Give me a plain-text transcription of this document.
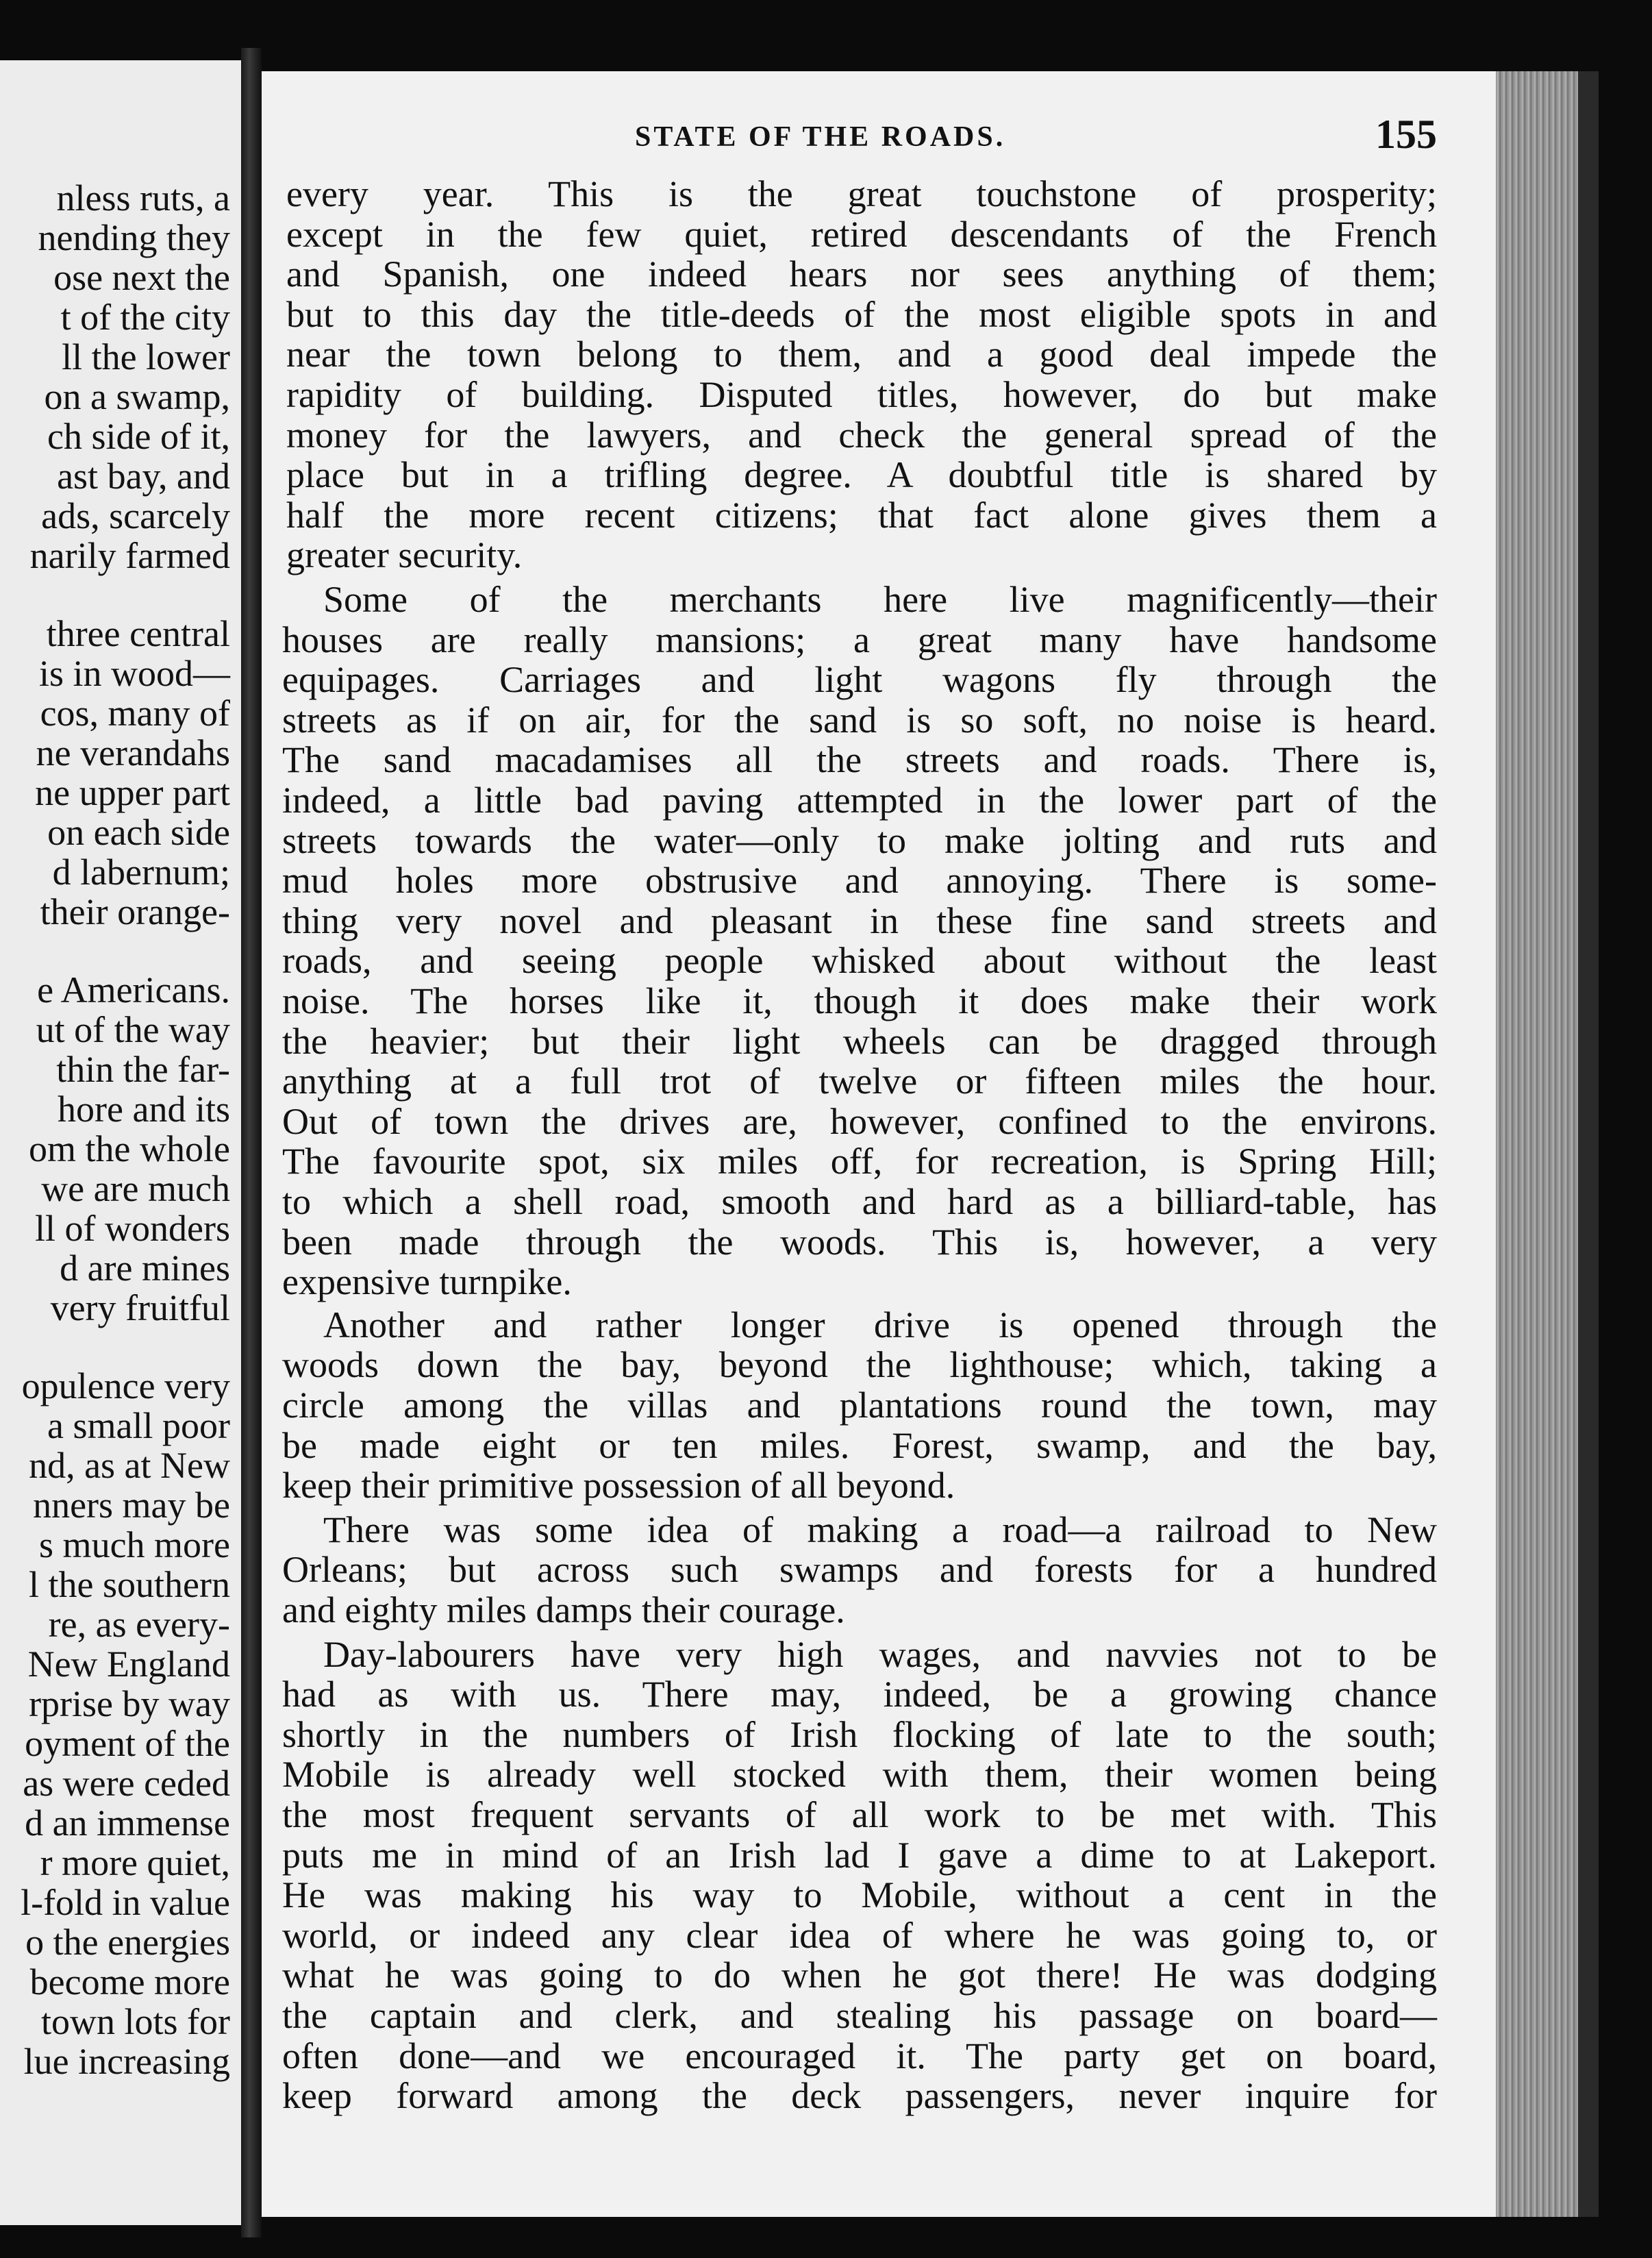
nless ruts, a
nending they
ose next the
t of the city
ll the lower
on a swamp,
ch side of it,
ast bay, and
ads, scarcely
narily farmed
three central
is in wood—
cos, many of
ne verandahs
ne upper part
on each side
d labernum;
their orange-
e Americans.
ut of the way
thin the far-
hore and its
om the whole
we are much
ll of wonders
d are mines
very fruitful
opulence very
a small poor
nd, as at New
nners may be
s much more
l the southern
re, as every-
New England
rprise by way
oyment of the
as were ceded
d an immense
r more quiet,
l-fold in value
o the energies
become more
town lots for
lue increasing
STATE OF THE ROADS.	155
every year. This is the great touchstone of prosperity;
except in the few quiet, retired descendants of the French
and Spanish, one indeed hears nor sees anything of them;
but to this day the title-deeds of the most eligible spots in and
near the town belong to them, and a good deal impede the
rapidity of building. Disputed titles, however, do but make
money for the lawyers, and check the general spread of the
place but in a trifling degree. A doubtful title is shared by
half the more recent citizens; that fact alone gives them a
greater security.
Some of the merchants here live magnificently—their
houses are really mansions; a great many have handsome
equipages. Carriages and light wagons fly through the
streets as if on air, for the sand is so soft, no noise is heard.
The sand macadamises all the streets and roads. There is,
indeed, a little bad paving attempted in the lower part of the
streets towards the water—only to make jolting and ruts and
mud holes more obstrusive and annoying. There is some-
thing very novel and pleasant in these fine sand streets and
roads, and seeing people whisked about without the least
noise. The horses like it, though it does make their work
the heavier; but their light wheels can be dragged through
anything at a full trot of twelve or fifteen miles the hour.
Out of town the drives are, however, confined to the environs.
The favourite spot, six miles off, for recreation, is Spring Hill;
to which a shell road, smooth and hard as a billiard-table, has
been made through the woods. This is, however, a very
expensive turnpike.
Another and rather longer drive is opened through the
woods down the bay, beyond the lighthouse; which, taking a
circle among the villas and plantations round the town, may
be made eight or ten miles. Forest, swamp, and the bay,
keep their primitive possession of all beyond.
There was some idea of making a road—a railroad to New
Orleans; but across such swamps and forests for a hundred
and eighty miles damps their courage.
Day-labourers have very high wages, and navvies not to be
had as with us. There may, indeed, be a growing chance
shortly in the numbers of Irish flocking of late to the south;
Mobile is already well stocked with them, their women being
the most frequent servants of all work to be met with. This
puts me in mind of an Irish lad I gave a dime to at Lakeport.
He was making his way to Mobile, without a cent in the
world, or indeed any clear idea of where he was going to, or
what he was going to do when he got there! He was dodging
the captain and clerk, and stealing his passage on board—
often done—and we encouraged it. The party get on board,
keep forward among the deck passengers, never inquire for
